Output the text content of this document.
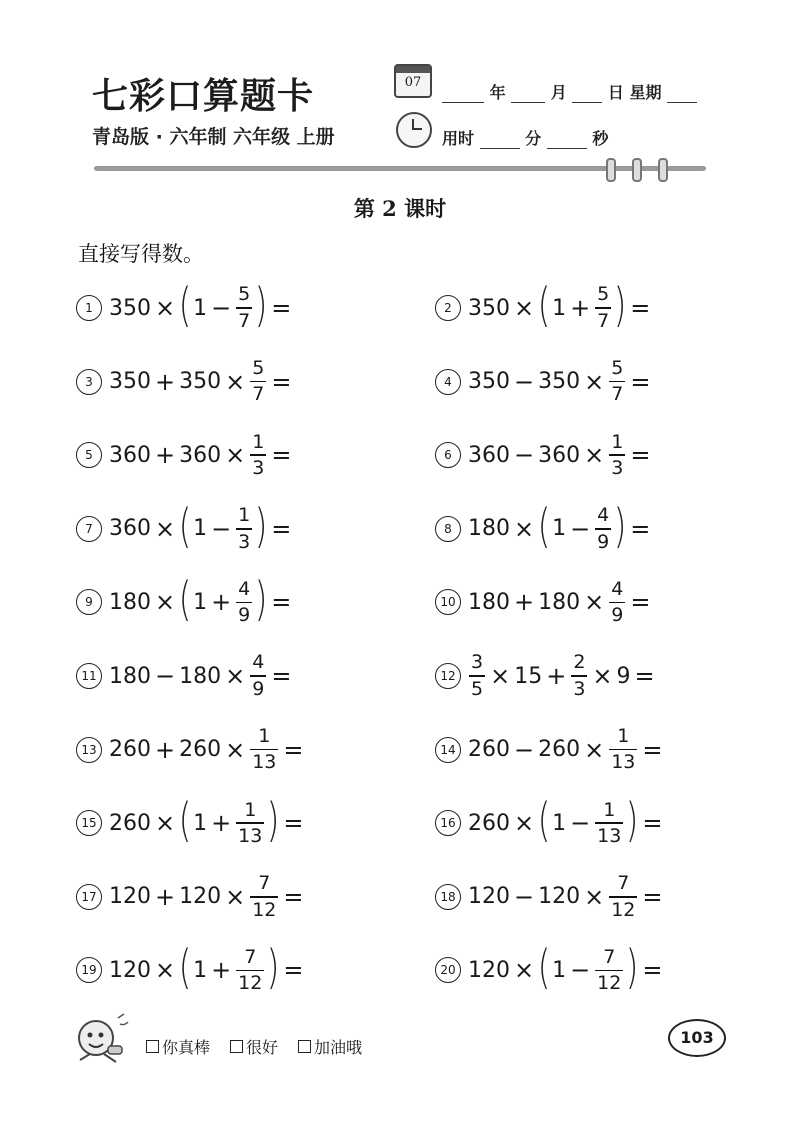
七彩口算题卡
青岛版 · 六年制 六年级 上册
07
年	月	日 星期
用时	分	秒
第 2 课时
直接写得数。
1 350 × ( $1 - \frac{5}{7}$ ) =	2 350 × ( $1 + \frac{5}{7}$ ) =
3 $350 + 350 \times \frac{5}{7}$ =	4 $350 - 350 \times \frac{5}{7}$ =
5 $360 + 360 \times \frac{1}{3}$ =	6 $360 - 360 \times \frac{1}{3}$ =
7 360 × ( $1 - \frac{1}{3}$ ) =	8 180 × ( $1 - \frac{4}{9}$ ) =
9 180 × ( $1 + \frac{4}{9}$ ) =	10 $180 + 180 \times \frac{4}{9}$ =
11 $180 - 180 \times \frac{4}{9}$ =	$12 \frac{3}{5} \times 15 + \frac{2}{3} \times 9$ =
13 $260 + 260 \times \frac{1}{13}$ =	14 $260 - 260 \times \frac{1}{13}$ =
15 260 × ( $1 + \frac{1}{13}$ ) =	16 260 × ( $1 - \frac{1}{13}$ ) =
17 $120 + 120 \times \frac{7}{12}$ =	18 $120 - 120 \times \frac{7}{12}$ =
19 120 × ( $1 + \frac{7}{12}$ ) =	20 120 × ( $1 - \frac{7}{12}$ ) =
你真棒 很好 加油哦
103
